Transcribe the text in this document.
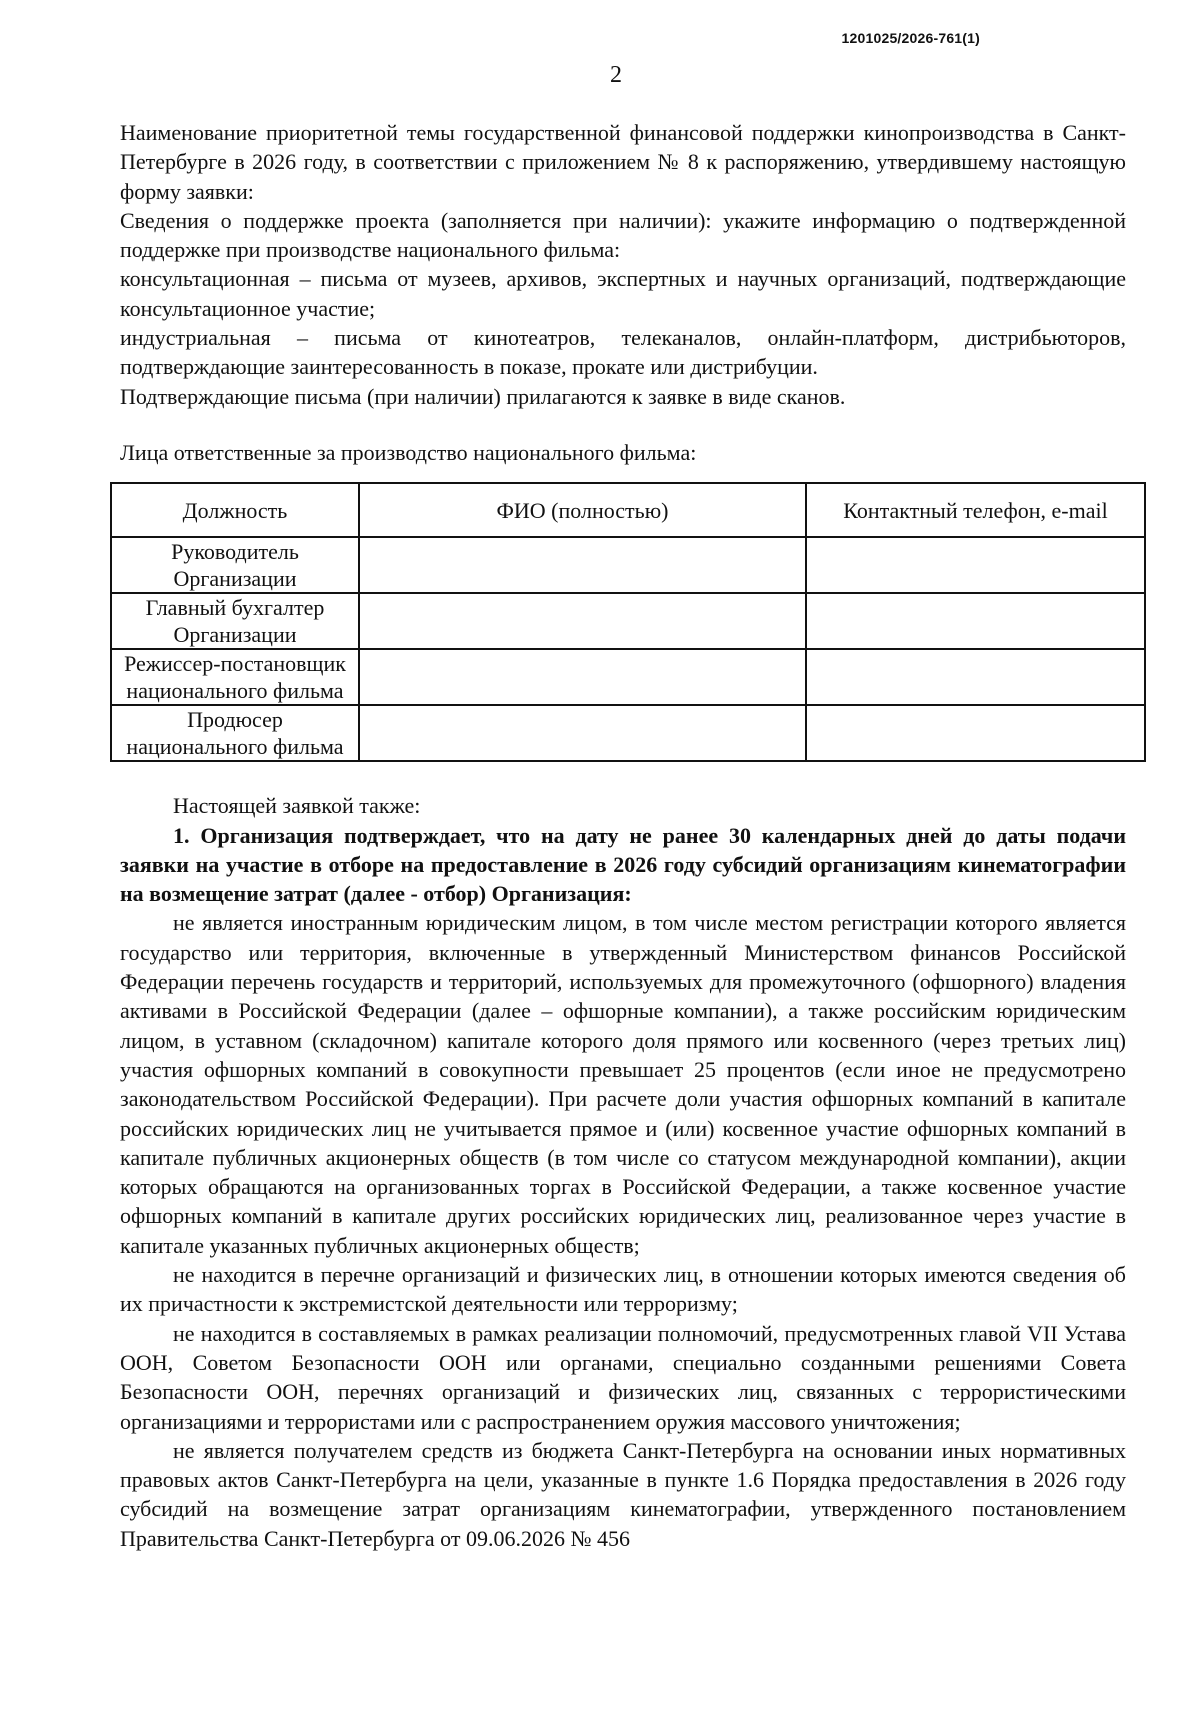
1201025/2026-761(1)
2

Наименование приоритетной темы государственной финансовой поддержки кинопроизводства в Санкт-Петербурге в 2026 году, в соответствии с приложением № 8 к распоряжению, утвердившему настоящую форму заявки:

Сведения о поддержке проекта (заполняется при наличии): укажите информацию о подтвержденной поддержке при производстве национального фильма:

консультационная – письма от музеев, архивов, экспертных и научных организаций, подтверждающие консультационное участие;

индустриальная – письма от кинотеатров, телеканалов, онлайн-платформ, дистрибьюторов, подтверждающие заинтересованность в показе, прокате или дистрибуции.

Подтверждающие письма (при наличии) прилагаются к заявке в виде сканов.

Лица ответственные за производство национального фильма:

Должность	ФИО (полностью)	Контактный телефон, e-mail
Руководитель Организации		
Главный бухгалтер Организации		
Режиссер-постановщик национального фильма		
Продюсер национального фильма		

Настоящей заявкой также:

1. Организация подтверждает, что на дату не ранее 30 календарных дней до даты подачи заявки на участие в отборе на предоставление в 2026 году субсидий организациям кинематографии на возмещение затрат (далее - отбор) Организация:

не является иностранным юридическим лицом, в том числе местом регистрации которого является государство или территория, включенные в утвержденный Министерством финансов Российской Федерации перечень государств и территорий, используемых для промежуточного (офшорного) владения активами в Российской Федерации (далее – офшорные компании), а также российским юридическим лицом, в уставном (складочном) капитале которого доля прямого или косвенного (через третьих лиц) участия офшорных компаний в совокупности превышает 25 процентов (если иное не предусмотрено законодательством Российской Федерации). При расчете доли участия офшорных компаний в капитале российских юридических лиц не учитывается прямое и (или) косвенное участие офшорных компаний в капитале публичных акционерных обществ (в том числе со статусом международной компании), акции которых обращаются на организованных торгах в Российской Федерации, а также косвенное участие офшорных компаний в капитале других российских юридических лиц, реализованное через участие в капитале указанных публичных акционерных обществ;

не находится в перечне организаций и физических лиц, в отношении которых имеются сведения об их причастности к экстремистской деятельности или терроризму;

не находится в составляемых в рамках реализации полномочий, предусмотренных главой VII Устава ООН, Советом Безопасности ООН или органами, специально созданными решениями Совета Безопасности ООН, перечнях организаций и физических лиц, связанных с террористическими организациями и террористами или с распространением оружия массового уничтожения;

не является получателем средств из бюджета Санкт-Петербурга на основании иных нормативных правовых актов Санкт-Петербурга на цели, указанные в пункте 1.6 Порядка предоставления в 2026 году субсидий на возмещение затрат организациям кинематографии, утвержденного постановлением Правительства Санкт-Петербурга от 09.06.2026 № 456
